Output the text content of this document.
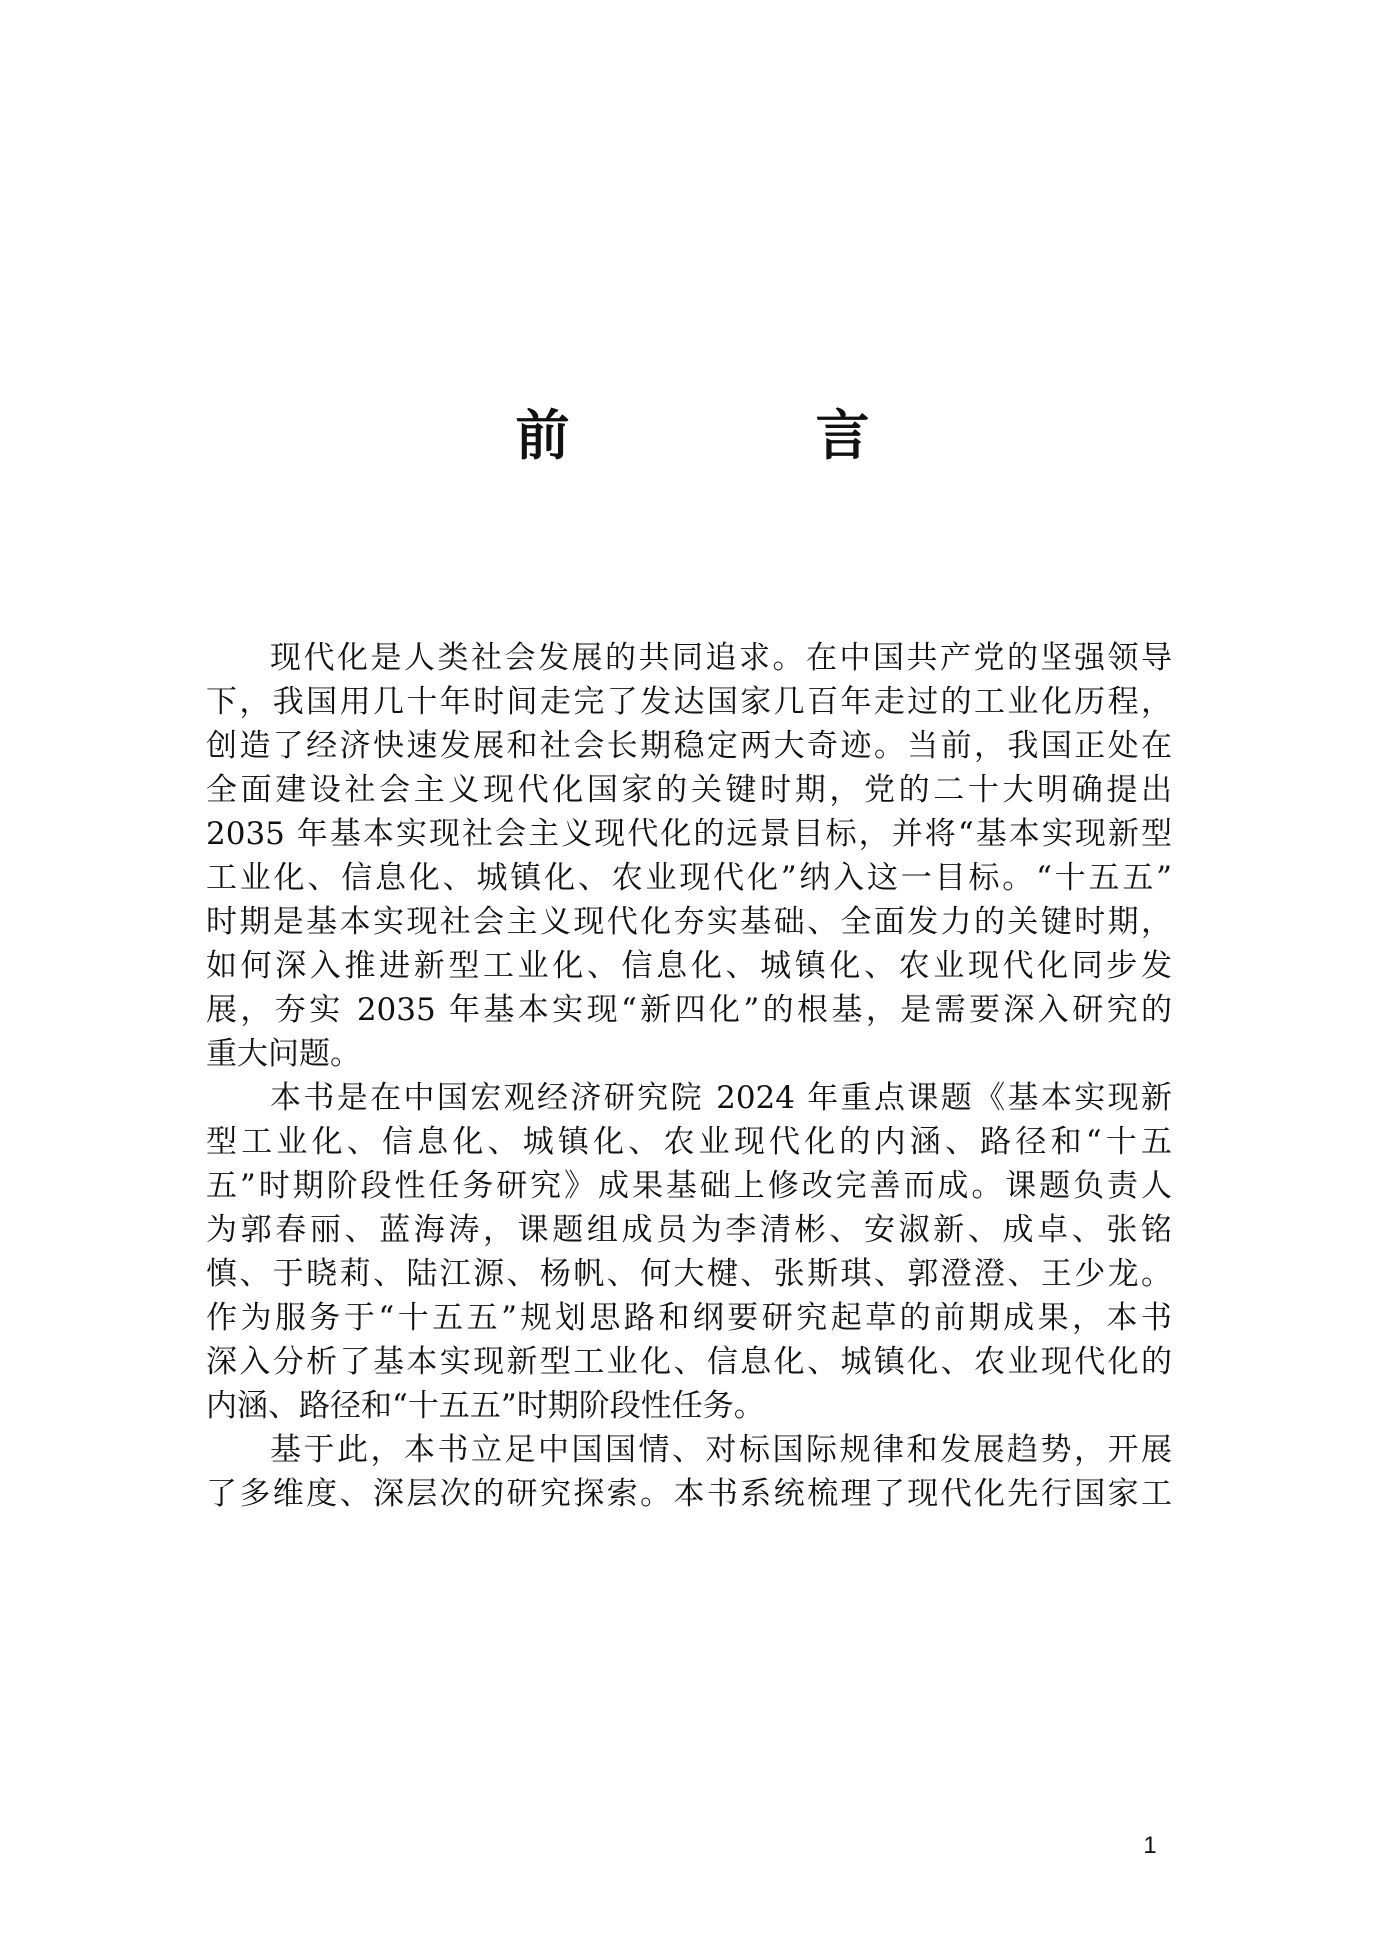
前　言

现代化是人类社会发展的共同追求。在中国共产党的坚强领导
下，我国用几十年时间走完了发达国家几百年走过的工业化历程，
创造了经济快速发展和社会长期稳定两大奇迹。当前，我国正处在
全面建设社会主义现代化国家的关键时期，党的二十大明确提出
2035 年基本实现社会主义现代化的远景目标，并将“基本实现新型
工业化、信息化、城镇化、农业现代化”纳入这一目标。“十五五”
时期是基本实现社会主义现代化夯实基础、全面发力的关键时期，
如何深入推进新型工业化、信息化、城镇化、农业现代化同步发
展，夯实 2035 年基本实现“新四化”的根基，是需要深入研究的
重大问题。

本书是在中国宏观经济研究院 2024 年重点课题《基本实现新
型工业化、信息化、城镇化、农业现代化的内涵、路径和“十五
五”时期阶段性任务研究》成果基础上修改完善而成。课题负责人
为郭春丽、蓝海涛，课题组成员为李清彬、安淑新、成卓、张铭
慎、于晓莉、陆江源、杨帆、何大楗、张斯琪、郭澄澄、王少龙。
作为服务于“十五五”规划思路和纲要研究起草的前期成果，本书
深入分析了基本实现新型工业化、信息化、城镇化、农业现代化的
内涵、路径和“十五五”时期阶段性任务。

基于此，本书立足中国国情、对标国际规律和发展趋势，开展
了多维度、深层次的研究探索。本书系统梳理了现代化先行国家工

1
